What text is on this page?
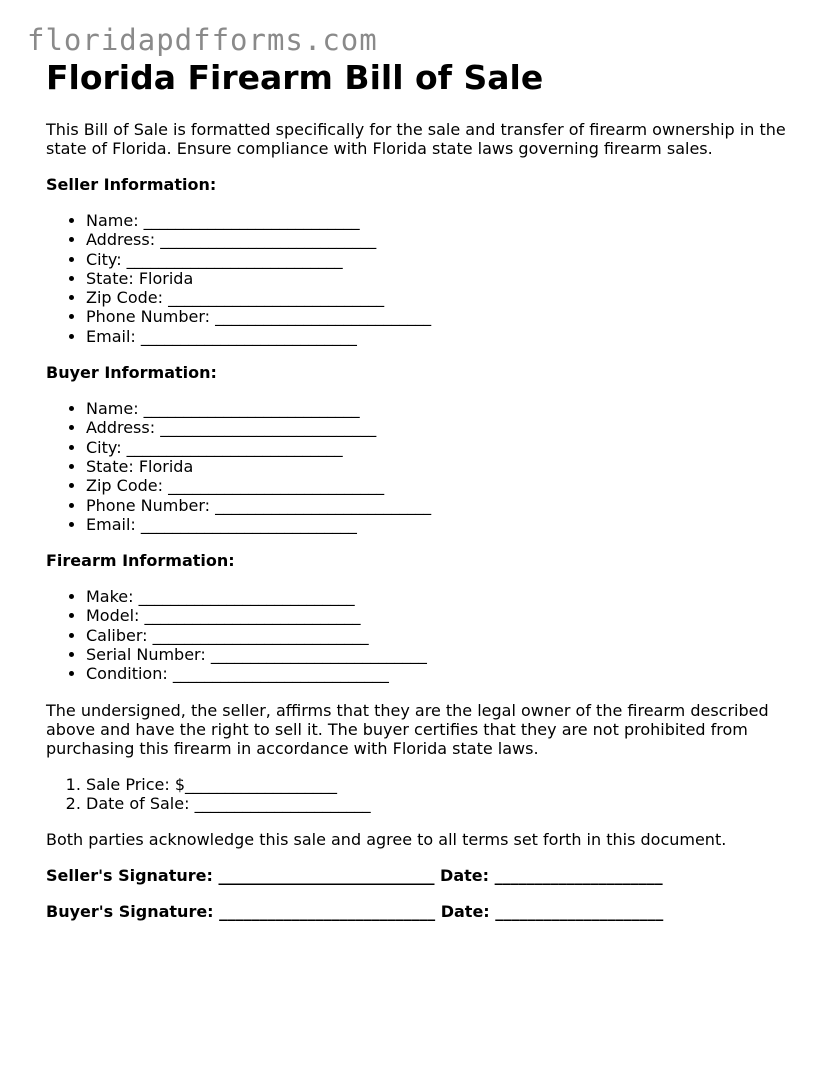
floridapdfforms.com
Florida Firearm Bill of Sale

This Bill of Sale is formatted specifically for the sale and transfer of firearm ownership in the state of Florida. Ensure compliance with Florida state laws governing firearm sales.

Seller Information:
• Name: ___________________________
• Address: ___________________________
• City: ___________________________
• State: Florida
• Zip Code: ___________________________
• Phone Number: ___________________________
• Email: ___________________________
Buyer Information:
• Name: ___________________________
• Address: ___________________________
• City: ___________________________
• State: Florida
• Zip Code: ___________________________
• Phone Number: ___________________________
• Email: ___________________________
Firearm Information:
• Make: ___________________________
• Model: ___________________________
• Caliber: ___________________________
• Serial Number: ___________________________
• Condition: ___________________________

The undersigned, the seller, affirms that they are the legal owner of the firearm described above and have the right to sell it. The buyer certifies that they are not prohibited from purchasing this firearm in accordance with Florida state laws.

1. Sale Price: $___________________
2. Date of Sale: ______________________

Both parties acknowledge this sale and agree to all terms set forth in this document.

Seller's Signature: ___________________________ Date: _____________________
Buyer's Signature: ___________________________ Date: _____________________
